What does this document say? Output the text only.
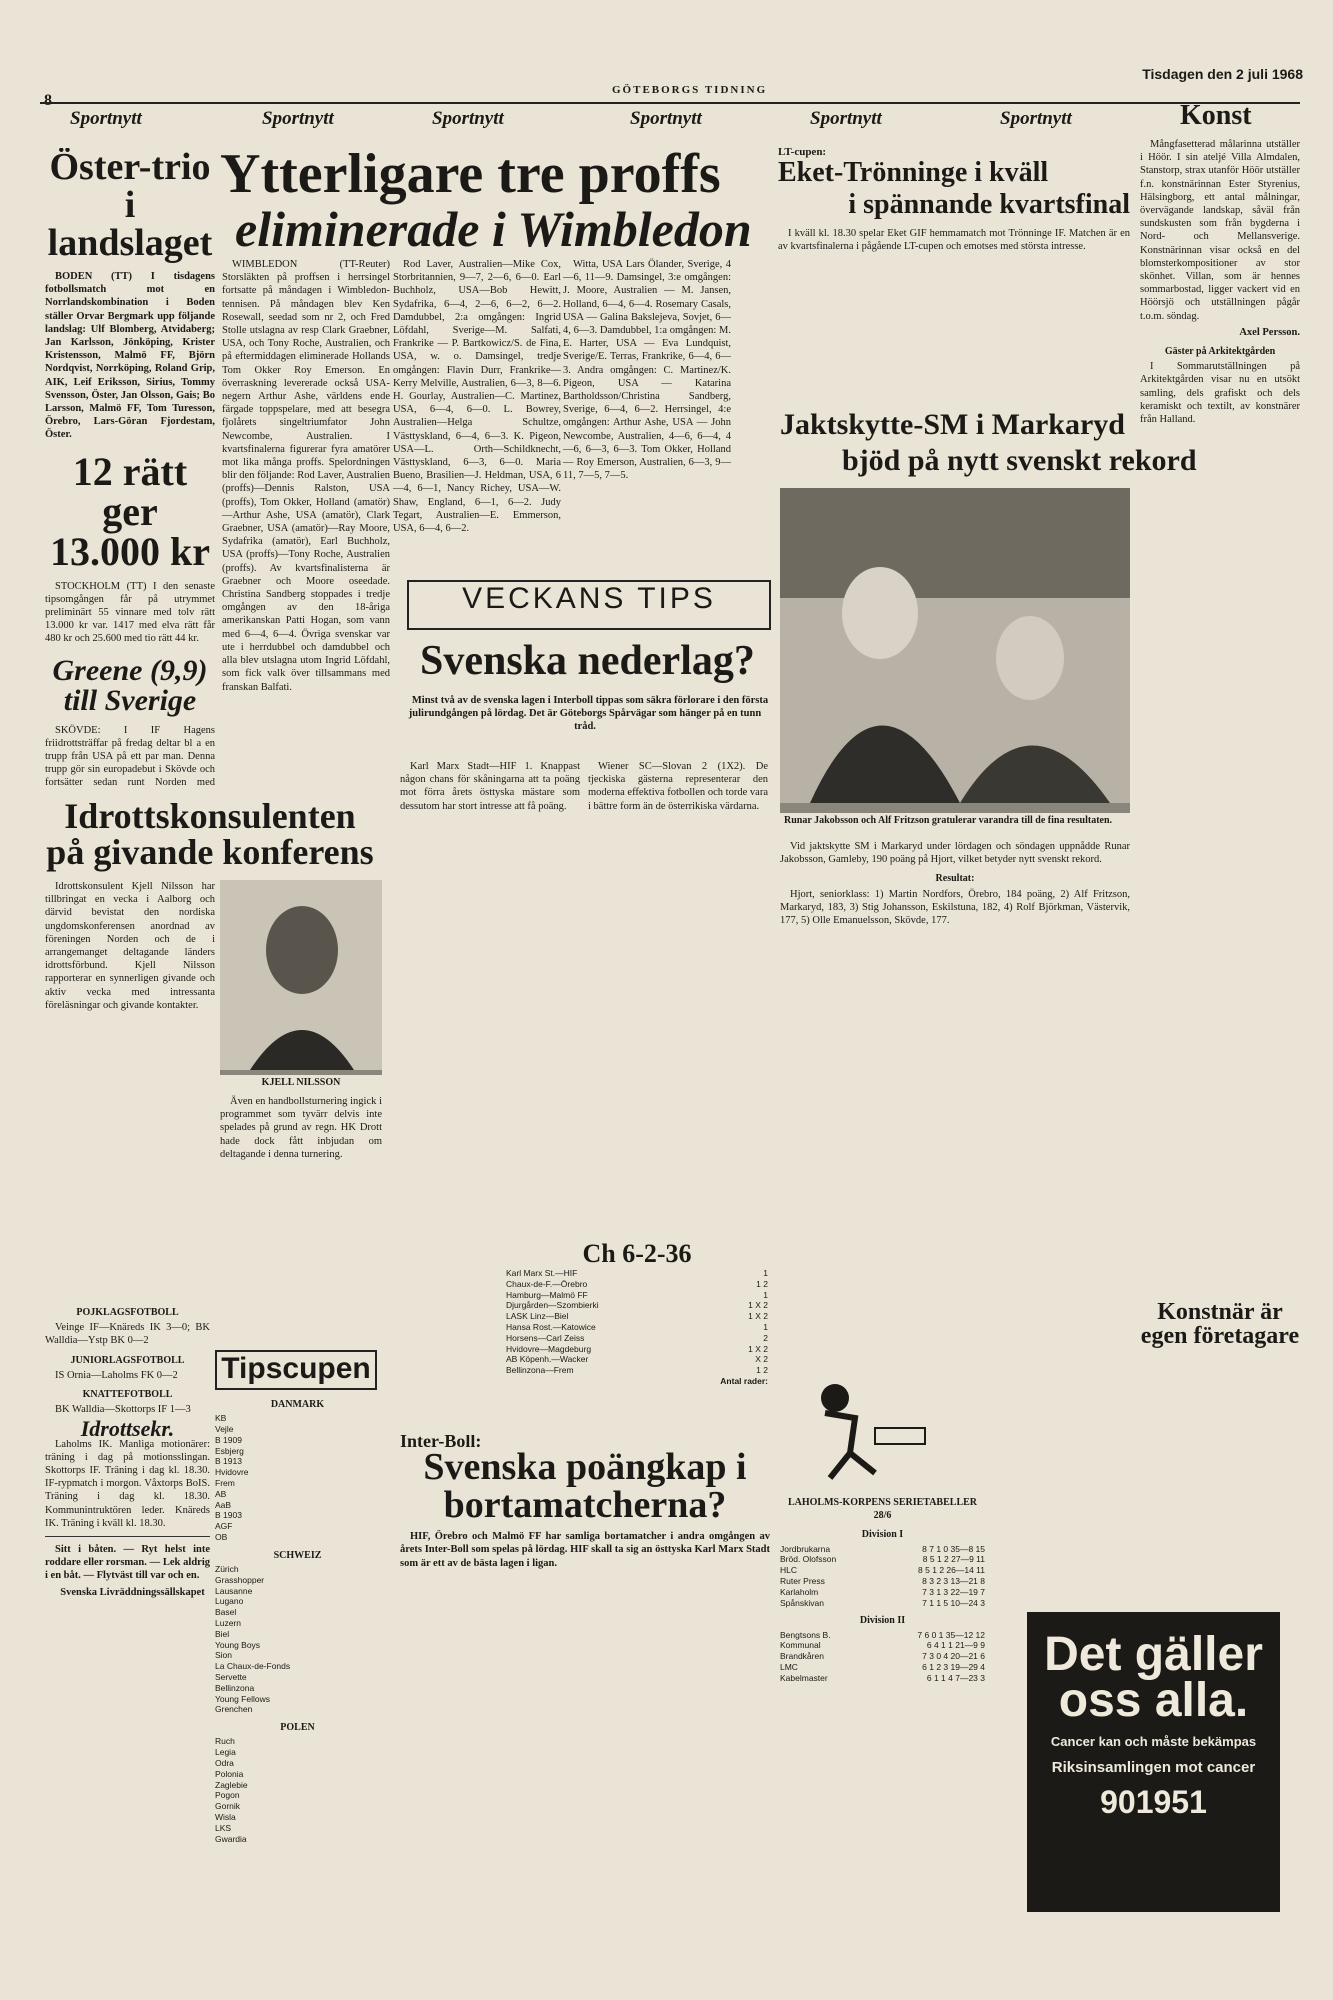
8
GÖTEBORGS TIDNING
Tisdagen den 2 juli 1968
Sportnytt	Sportnytt	Sportnytt	Sportnytt	Sportnytt	Sportnytt	Konst
Öster-trio i landslaget

BODEN (TT) I tisdagens fotbollsmatch mot en Norrlandskombination i Boden ställer Orvar Bergmark upp följande landslag: Ulf Blomberg, Atvidaberg; Jan Karlsson, Jönköping, Krister Kristensson, Malmö FF, Björn Nordqvist, Norrköping, Roland Grip, AIK, Leif Eriksson, Sirius, Tommy Svensson, Öster, Jan Olsson, Gais; Bo Larsson, Malmö FF, Tom Turesson, Örebro, Lars-Göran Fjordestam, Öster.

12 rätt ger 13.000 kr

STOCKHOLM (TT) I den senaste tipsomgången får på utrymmet preliminärt 55 vinnare med tolv rätt 13.000 kr var. 1417 med elva rätt får 480 kr och 25.600 med tio rätt 44 kr.

Greene (9,9) till Sverige

SKÖVDE: I IF Hagens friidrottsträffar på fredag deltar bl a en trupp från USA på ett par man. Denna trupp gör sin europadebut i Skövde och fortsätter sedan runt Norden med

Ytterligare tre proffs
eliminerade i Wimbledon

WIMBLEDON (TT-Reuter) Storsläkten på proffsen i herrsingel fortsatte på måndagen i Wimbledon-tennisen. På måndagen blev Ken Rosewall, seedad som nr 2, och Fred Stolle utslagna av resp Clark Graebner, USA, och Tony Roche, Australien, och på eftermiddagen eliminerade Hollands Tom Okker Roy Emerson. En överraskning levererade också USA-negern Arthur Ashe, världens ende färgade toppspelare, med att besegra fjolårets singeltriumfator John Newcombe, Australien. I kvartsfinalerna figurerar fyra amatörer mot lika många proffs. Spelordningen blir den följande: Rod Laver, Australien (proffs)—Dennis Ralston, USA (proffs), Tom Okker, Holland (amatör)—Arthur Ashe, USA (amatör), Clark Graebner, USA (amatör)—Ray Moore, Sydafrika (amatör), Earl Buchholz, USA (proffs)—Tony Roche, Australien (proffs). Av kvartsfinalisterna är Graebner och Moore oseedade. Christina Sandberg stoppades i tredje omgången av den 18-åriga amerikanskan Patti Hogan, som vann med 6—4, 6—4. Övriga svenskar var ute i herrdubbel och damdubbel och alla blev utslagna utom Ingrid Löfdahl, som fick valk över tillsammans med franskan Balfati.

Rod Laver, Australien—Mike Cox, Storbritannien, 9—7, 2—6, 6—0. Earl Buchholz, USA—Bob Hewitt, Sydafrika, 6—4, 2—6, 6—2, 6—2. Damdubbel, 2:a omgången: Ingrid Löfdahl, Sverige—M. Salfati, Frankrike — P. Bartkowicz/S. de Fina, USA, w. o. Damsingel, tredje omgången: Flavin Durr, Frankrike—Kerry Melville, Australien, 6—3, 8—6. H. Gourlay, Australien—C. Martinez, USA, 6—4, 6—0. L. Bowrey, Australien—Helga Schultze, Västtyskland, 6—4, 6—3. K. Pigeon, USA—L. Orth—Schildknecht, Västtyskland, 6—3, 6—0. Maria Bueno, Brasilien—J. Heldman, USA, 6—4, 6—1, Nancy Richey, USA—W. Shaw, England, 6—1, 6—2. Judy Tegart, Australien—E. Emmerson, USA, 6—4, 6—2.

Witta, USA Lars Ölander, Sverige, 4—6, 11—9. Damsingel, 3:e omgången: J. Moore, Australien — M. Jansen, Holland, 6—4, 6—4. Rosemary Casals, USA — Galina Bakslejeva, Sovjet, 6—4, 6—3. Damdubbel, 1:a omgången: M. E. Harter, USA — Eva Lundquist, Sverige/E. Terras, Frankrike, 6—4, 6—3. Andra omgången: C. Martinez/K. Pigeon, USA — Katarina Bartholdsson/Christina Sandberg, Sverige, 6—4, 6—2. Herrsingel, 4:e omgången: Arthur Ashe, USA — John Newcombe, Australien, 4—6, 6—4, 4—6, 6—3, 6—3. Tom Okker, Holland — Roy Emerson, Australien, 6—3, 9—11, 7—5, 7—5.

VECKANS TIPS
Svenska nederlag?

Minst två av de svenska lagen i Interboll tippas som säkra förlorare i den första julirundgången på lördag. Det är Göteborgs Spårvägar som hänger på en tunn tråd.

Karl Marx Stadt—HIF 1. Knappast någon chans för skåningarna att ta poäng mot förra årets östtyska mästare som dessutom har stort intresse att få poäng.

Wiener SC—Slovan 2 (1X2). De tjeckiska gästerna representerar den moderna effektiva fotbollen och torde vara i bättre form än de österrikiska värdarna.

Ch 6-2-36
Karl Marx St.—HIF	1
Chaux-de-F.—Örebro	1 2
Hamburg—Malmö FF	1
Djurgården—Szombierki	1 X 2
LASK Linz—Biel	1 X 2
Hansa Rost.—Katowice	1
Horsens—Carl Zeiss	2
Hvidovre—Magdeburg	1 X 2
AB Köpenh.—Wacker	X 2
Bellinzona—Frem	1 2
Antal rader:
Inter-Boll:
Svenska poängkap i bortamatcherna?

HIF, Örebro och Malmö FF har samliga bortamatcher i andra omgången av årets Inter-Boll som spelas på lördag. HIF skall ta sig an östtyska Karl Marx Stadt som är ett av de bästa lagen i ligan.

Idrottskonsulenten på givande konferens

Idrottskonsulent Kjell Nilsson har tillbringat en vecka i Aalborg och därvid bevistat den nordiska ungdomskonferensen anordnad av föreningen Norden och de i arrangemanget deltagande länders idrottsförbund. Kjell Nilsson rapporterar en synnerligen givande och aktiv vecka med intressanta föreläsningar och givande kontakter.

KJELL NILSSON

Även en handbollsturnering ingick i programmet som tyvärr delvis inte spelades på grund av regn. HK Drott hade dock fått inbjudan om deltagande i denna turnering.

POJKLAGSFOTBOLL

Veinge IF—Knäreds IK 3—0; BK Walldia—Ystp BK 0—2

JUNIORLAGSFOTBOLL

IS Ornia—Laholms FK 0—2

KNATTEFOTBOLL

BK Walldia—Skottorps IF 1—3

Idrottsekr.

Laholms IK. Manliga motionärer: träning i dag på motionsslingan. Skottorps IF. Träning i dag kl. 18.30. IF-rypmatch i morgon. Våxtorps BoIS. Träning i dag kl. 18.30. Kommunintruktören leder. Knäreds IK. Träning i kväll kl. 18.30.

Sitt i båten. — Ryt helst inte roddare eller rorsman. — Lek aldrig i en båt. — Flytväst till var och en.

Svenska Livräddningssällskapet

Tipscupen
DANMARK
KB
Vejle
B 1909
Esbjerg
B 1913
Hvidovre
Frem
AB
AaB
B 1903
AGF
OB
SCHWEIZ
Zürich
Grasshopper
Lausanne
Lugano
Basel
Luzern
Biel
Young Boys
Sion
La Chaux-de-Fonds
Servette
Bellinzona
Young Fellows
Grenchen
POLEN
Ruch
Legia
Odra
Polonia
Zaglebie
Pogon
Gornik
Wisla
LKS
Gwardia
LT-cupen:
Eket-Trönninge i kväll
i spännande kvartsfinal

I kväll kl. 18.30 spelar Eket GIF hemmamatch mot Trönninge IF. Matchen är en av kvartsfinalerna i pågående LT-cupen och emotses med största intresse.

Jaktskytte-SM i Markaryd
bjöd på nytt svenskt rekord
Runar Jakobsson och Alf Fritzson gratulerar varandra till de fina resultaten.

Vid jaktskytte SM i Markaryd under lördagen och söndagen uppnådde Runar Jakobsson, Gamleby, 190 poäng på Hjort, vilket betyder nytt svenskt rekord.

Resultat:

Hjort, seniorklass: 1) Martin Nordfors, Örebro, 184 poäng, 2) Alf Fritzson, Markaryd, 183, 3) Stig Johansson, Eskilstuna, 182, 4) Rolf Björkman, Västervik, 177, 5) Olle Emanuelsson, Skövde, 177.

LAHOLMS-KORPENS SERIETABELLER 28/6
Division I
Jordbrukarna	8 7 1 0 35—8 15
Bröd. Olofsson	8 5 1 2 27—9 11
HLC	8 5 1 2 26—14 11
Ruter Press	8 3 2 3 13—21 8
Karlaholm	7 3 1 3 22—19 7
Spånskivan	7 1 1 5 10—24 3
Division II
Bengtsons B.	7 6 0 1 35—12 12
Kommunal	6 4 1 1 21—9 9
Brandkåren	7 3 0 4 20—21 6
LMC	6 1 2 3 19—29 4
Kabelmaster	6 1 1 4 7—23 3

Mångfasetterad målarinna utställer i Höör. I sin ateljé Villa Almdalen, Stanstorp, strax utanför Höör utställer f.n. konstnärinnan Ester Styrenius, Hälsingborg, ett antal målningar, övervägande landskap, såväl från sundskusten som från bygderna i Nord- och Mellansverige. Konstnärinnan visar också en del blomsterkompositioner av stor skönhet. Villan, som är hennes sommarbostad, ligger vackert vid en Höörsjö och utställningen pågår t.o.m. söndag.

Axel Persson.

Gäster på Arkitektgården

I Sommarutställningen på Arkitektgården visar nu en utsökt samling, dels grafiskt och dels keramiskt och textilt, av konstnärer från Halland.

Konstnär är egen företagare
Det gäller oss alla.
Cancer kan och måste bekämpas
Riksinsamlingen mot cancer
901951
